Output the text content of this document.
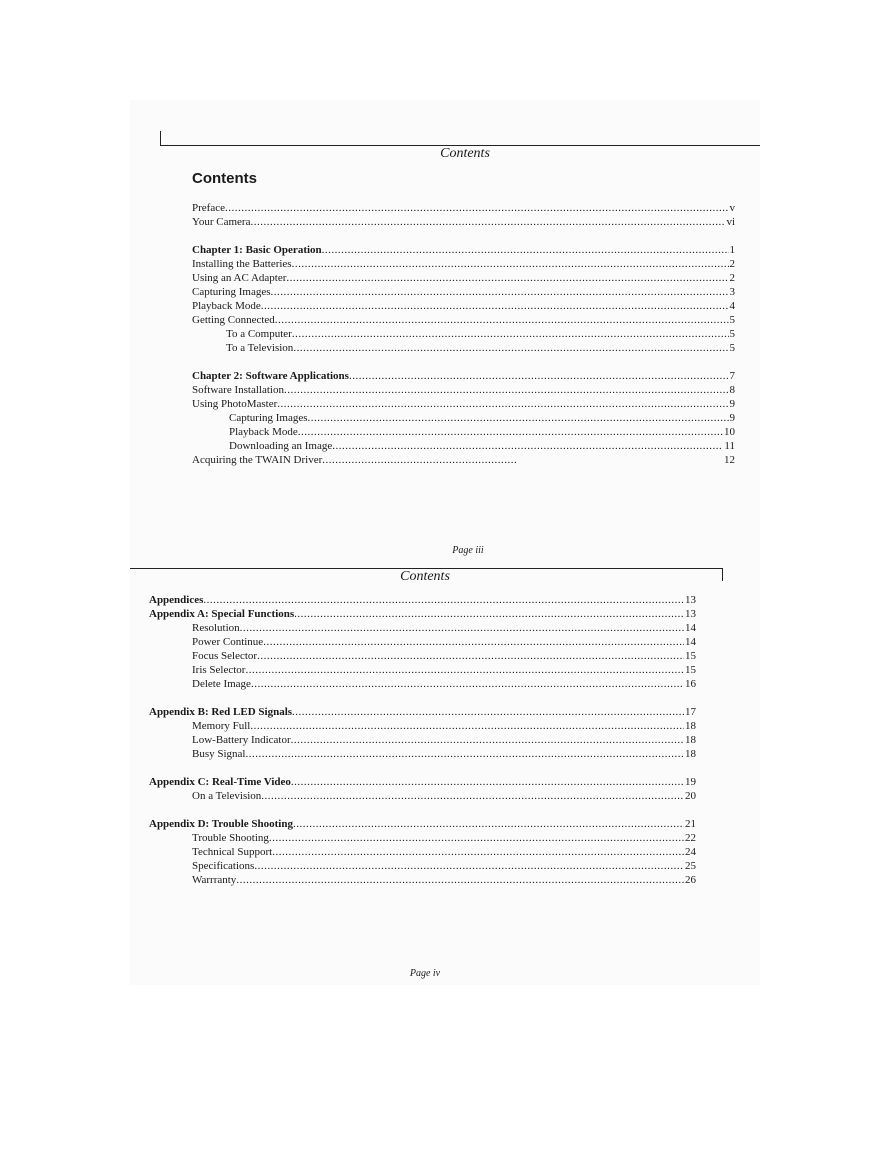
Contents
Contents
Preface .....	v
Your Camera .....	vi
Chapter 1: Basic Operation .....	1
Installing the Batteries .....	2
Using an AC Adapter .....	2
Capturing Images .....	3
Playback Mode .....	4
Getting Connected .....	5
To a Computer .....	5
To a Television .....	5
Chapter 2: Software Applications .....	7
Software Installation .....	8
Using PhotoMaster .....	9
Capturing Images .....	9
Playback Mode .....	10
Downloading an Image .....	11
Acquiring the TWAIN Driver .....	12
Page iii
Contents
Appendices .....	13
Appendix A: Special Functions .....	13
Resolution .....	14
Power Continue .....	14
Focus Selector .....	15
Iris Selector .....	15
Delete Image .....	16
Appendix B: Red LED Signals .....	17
Memory Full .....	18
Low-Battery Indicator .....	18
Busy Signal .....	18
Appendix C: Real-Time Video .....	19
On a Television .....	20
Appendix D: Trouble Shooting .....	21
Trouble Shooting .....	22
Technical Support .....	24
Specifications .....	25
Warrranty .....	26
Page iv
